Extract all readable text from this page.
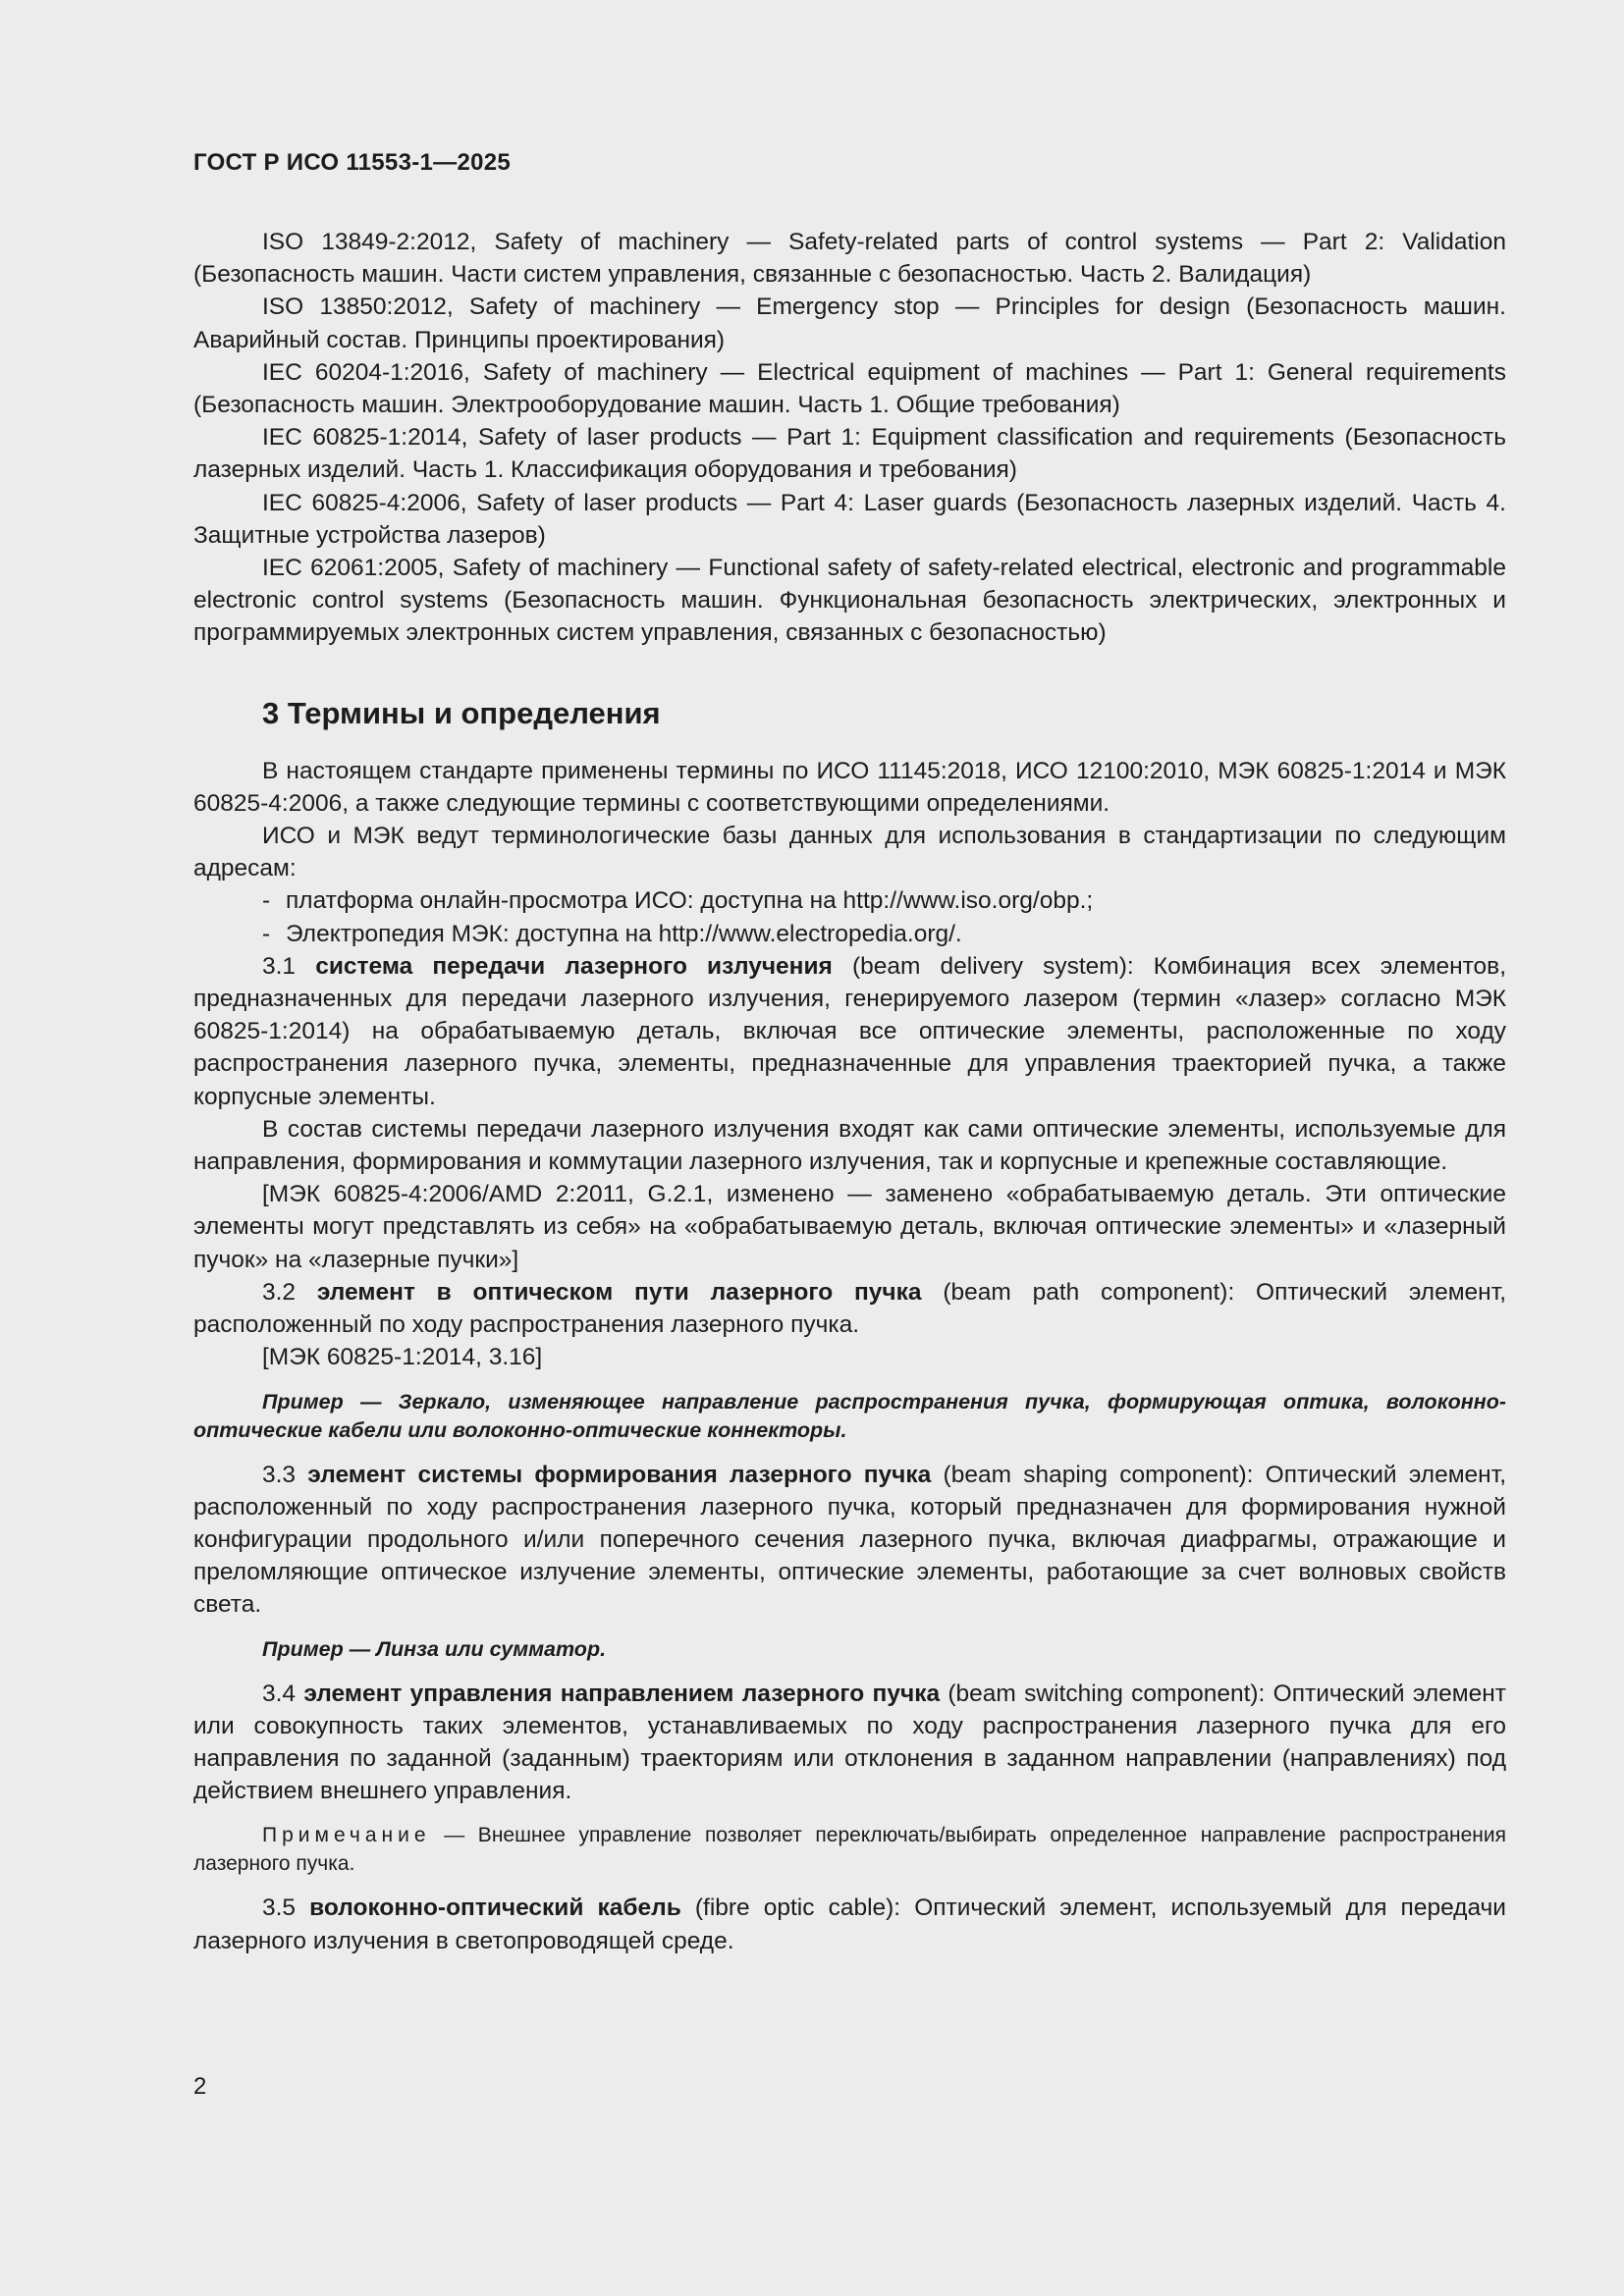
ГОСТ Р ИСО 11553-1—2025

ISO 13849-2:2012, Safety of machinery — Safety-related parts of control systems — Part 2: Validation (Безопасность машин. Части систем управления, связанные с безопасностью. Часть 2. Валидация)

ISO 13850:2012, Safety of machinery — Emergency stop — Principles for design (Безопасность машин. Аварийный состав. Принципы проектирования)

IEC 60204-1:2016, Safety of machinery — Electrical equipment of machines — Part 1: General requirements (Безопасность машин. Электрооборудование машин. Часть 1. Общие требования)

IEC 60825-1:2014, Safety of laser products — Part 1: Equipment classification and requirements (Безопасность лазерных изделий. Часть 1. Классификация оборудования и требования)

IEC 60825-4:2006, Safety of laser products — Part 4: Laser guards (Безопасность лазерных изделий. Часть 4. Защитные устройства лазеров)

IEC 62061:2005, Safety of machinery — Functional safety of safety-related electrical, electronic and programmable electronic control systems (Безопасность машин. Функциональная безопасность электрических, электронных и программируемых электронных систем управления, связанных с безопасностью)

3 Термины и определения

В настоящем стандарте применены термины по ИСО 11145:2018, ИСО 12100:2010, МЭК 60825-1:2014 и МЭК 60825-4:2006, а также следующие термины с соответствующими определениями.

ИСО и МЭК ведут терминологические базы данных для использования в стандартизации по следующим адресам:

- платформа онлайн-просмотра ИСО: доступна на http://www.iso.org/obp.;

- Электропедия МЭК: доступна на http://www.electropedia.org/.

3.1 система передачи лазерного излучения (beam delivery system): Комбинация всех элементов, предназначенных для передачи лазерного излучения, генерируемого лазером (термин «лазер» согласно МЭК 60825-1:2014) на обрабатываемую деталь, включая все оптические элементы, расположенные по ходу распространения лазерного пучка, элементы, предназначенные для управления траекторией пучка, а также корпусные элементы.

В состав системы передачи лазерного излучения входят как сами оптические элементы, используемые для направления, формирования и коммутации лазерного излучения, так и корпусные и крепежные составляющие.

[МЭК 60825-4:2006/AMD 2:2011, G.2.1, изменено — заменено «обрабатываемую деталь. Эти оптические элементы могут представлять из себя» на «обрабатываемую деталь, включая оптические элементы» и «лазерный пучок» на «лазерные пучки»]

3.2 элемент в оптическом пути лазерного пучка (beam path component): Оптический элемент, расположенный по ходу распространения лазерного пучка.

[МЭК 60825-1:2014, 3.16]

Пример — Зеркало, изменяющее направление распространения пучка, формирующая оптика, волоконно-оптические кабели или волоконно-оптические коннекторы.

3.3 элемент системы формирования лазерного пучка (beam shaping component): Оптический элемент, расположенный по ходу распространения лазерного пучка, который предназначен для формирования нужной конфигурации продольного и/или поперечного сечения лазерного пучка, включая диафрагмы, отражающие и преломляющие оптическое излучение элементы, оптические элементы, работающие за счет волновых свойств света.

Пример — Линза или сумматор.

3.4 элемент управления направлением лазерного пучка (beam switching component): Оптический элемент или совокупность таких элементов, устанавливаемых по ходу распространения лазерного пучка для его направления по заданной (заданным) траекториям или отклонения в заданном направлении (направлениях) под действием внешнего управления.

Примечание — Внешнее управление позволяет переключать/выбирать определенное направление распространения лазерного пучка.

3.5 волоконно-оптический кабель (fibre optic cable): Оптический элемент, используемый для передачи лазерного излучения в светопроводящей среде.

2
